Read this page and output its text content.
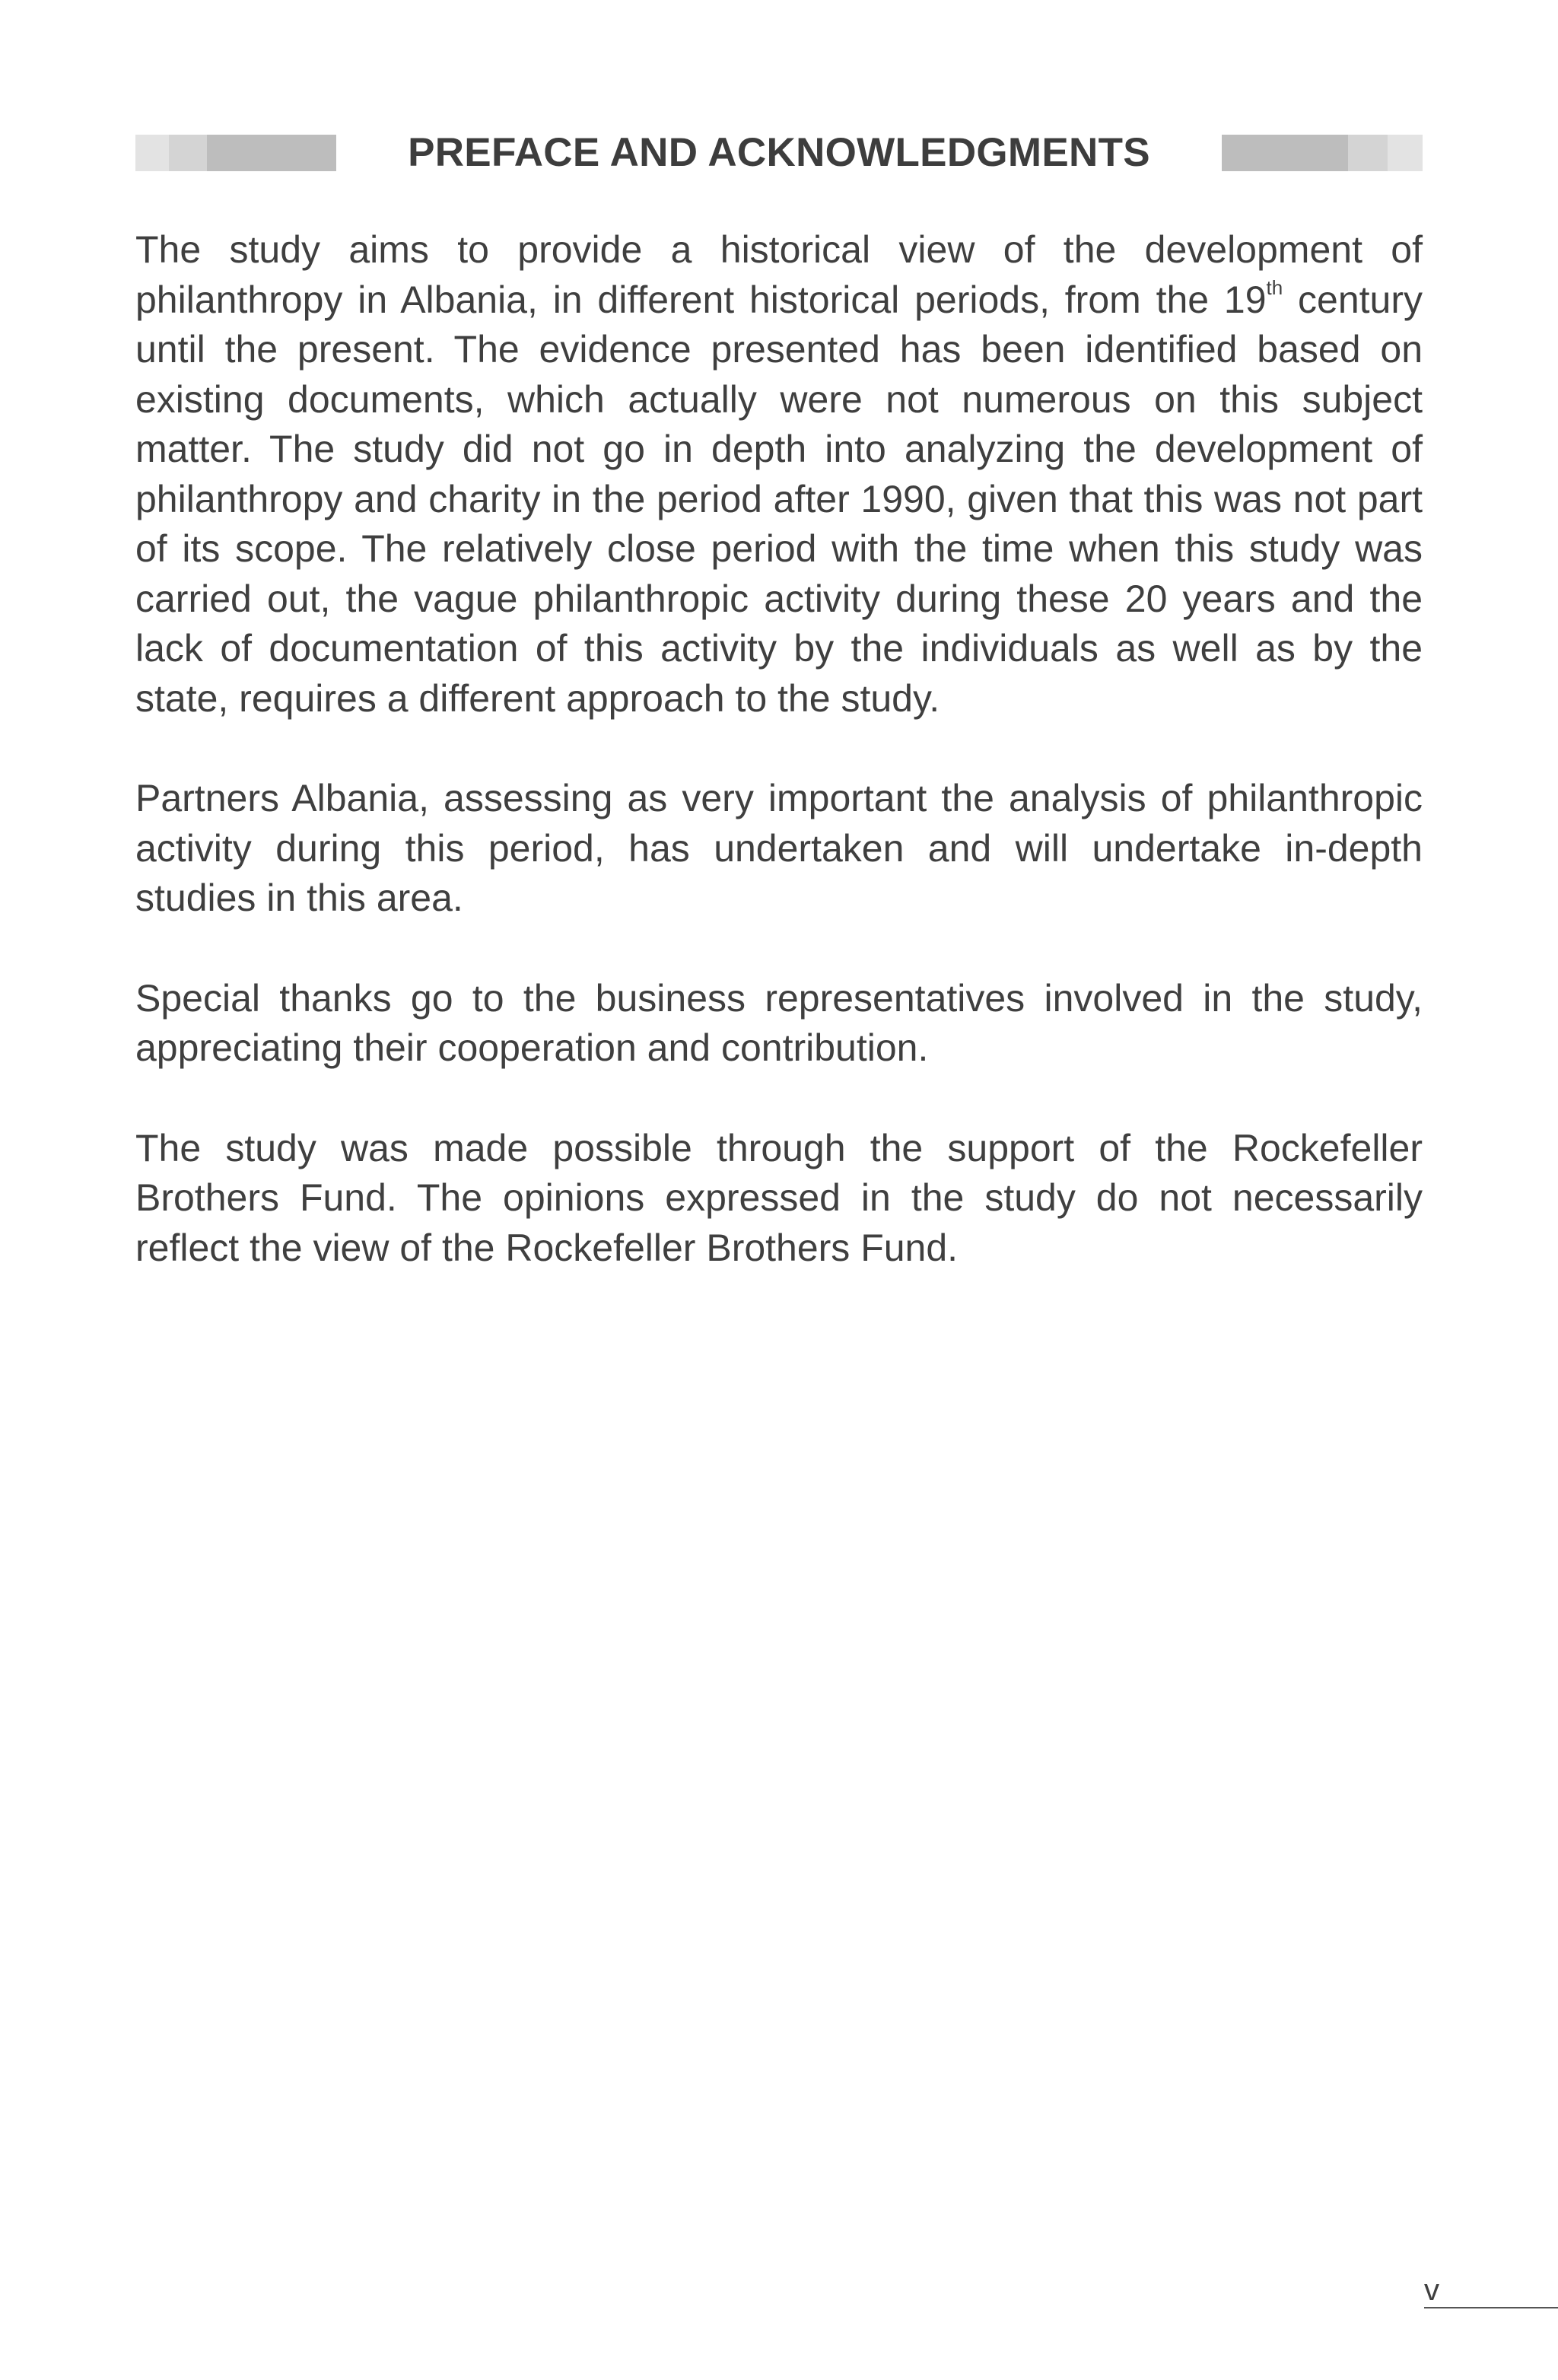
PREFACE AND ACKNOWLEDGMENTS

The study aims to provide a historical view of the development of philanthropy in Albania, in different historical periods, from the 19th century until the present. The evidence presented has been identified based on existing documents, which actually were not numerous on this subject matter. The study did not go in depth into analyzing the development of philanthropy and charity in the period after 1990, given that this was not part of its scope. The relatively close period with the time when this study was carried out, the vague philanthropic activity during these 20 years and the lack of documentation of this activity by the individuals as well as by the state, requires a different approach to the study.

Partners Albania, assessing as very important the analysis of philanthropic activity during this period, has undertaken and will undertake in-depth studies in this area.

Special thanks go to the business representatives involved in the study, appreciating their cooperation and contribution.

The study was made possible through the support of the Rockefeller Brothers Fund. The opinions expressed in the study do not necessarily reflect the view of the Rockefeller Brothers Fund.

v
